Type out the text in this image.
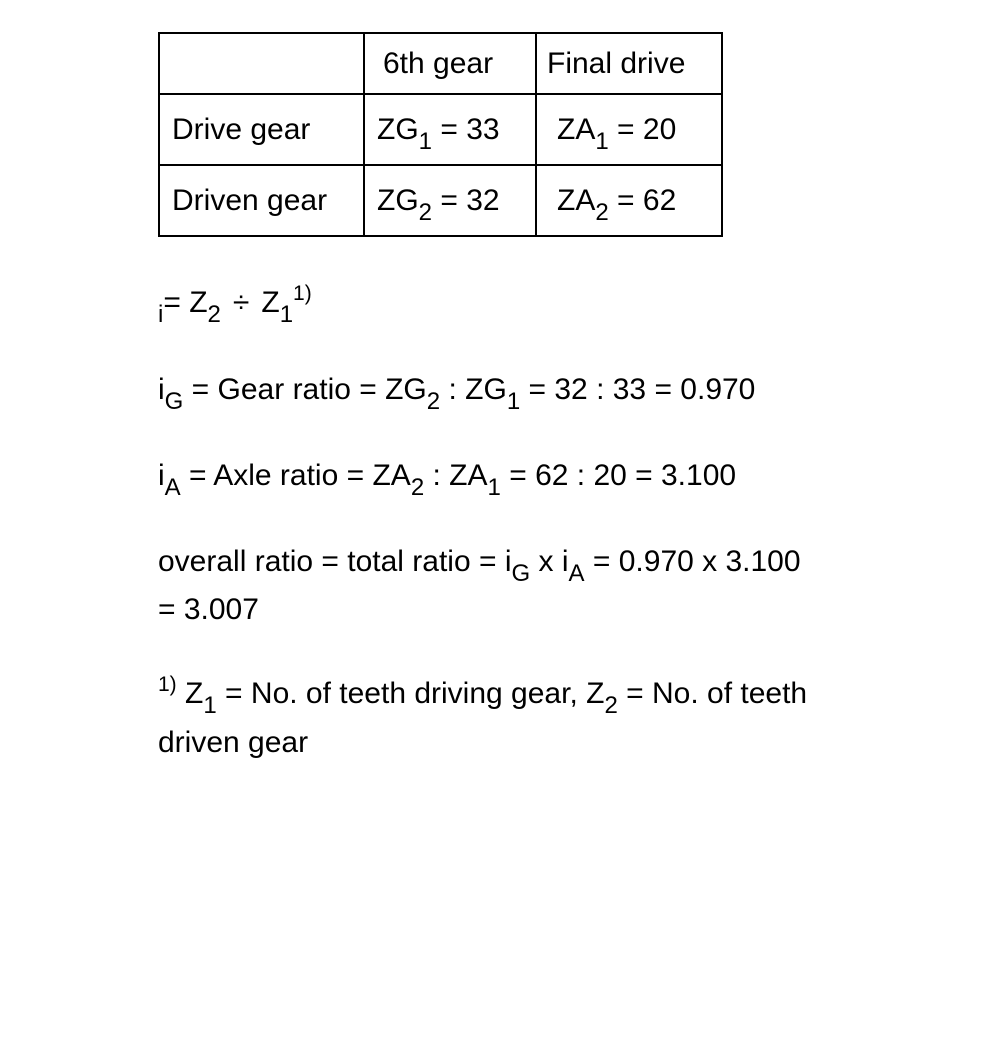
	6th gear	Final drive
Drive gear	$ZG_1 = 33$	$ZA_1 = 20$
Driven gear	$ZG_2 = 32$	$ZA_2 = 62$
$_i= Z_2 \div Z_1^{1)}$
$i_G$ = Gear ratio = $ZG_2$ : $ZG_1 = 32$ : 33 = 0.970
$i_A$ = Axle ratio = $ZA_2$ : $ZA_1 = 62$ : 20 = 3.100
overall ratio = total ratio = $i_G$ x $i_A = 0.970$ x 3.100
= 3.007
$^{1)}$ $Z_1 = No$. of teeth driving gear, $Z_2 = No$. of teeth
driven gear
